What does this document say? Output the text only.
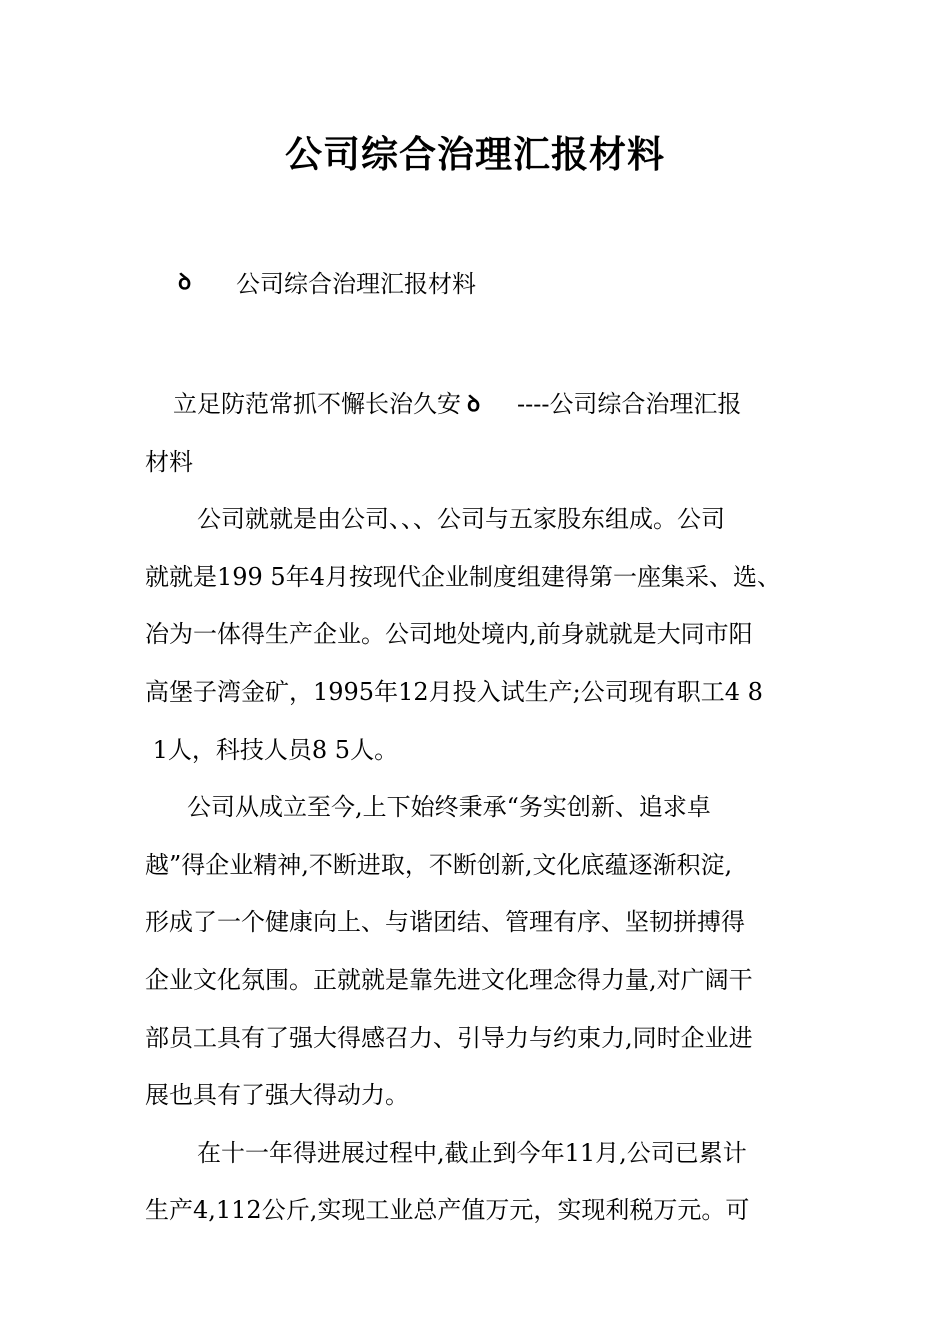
公司综合治理汇报材料
ꝺ	公司综合治理汇报材料
立足防范常抓不懈长治久安 ꝺ	----公司综合治理汇报
材料

公司就就是由公司、、、公司与五家股东组成。公司
就就是199 5年4月按现代企业制度组建得第一座集采、选、
冶为一体得生产企业。公司地处境内,前身就就是大同市阳
高堡子湾金矿，1995年12月投入试生产;公司现有职工4 8
1人，科技人员8 5人。

公司从成立至今,上下始终秉承“务实创新、追求卓
越”得企业精神,不断进取，不断创新,文化底蕴逐渐积淀,
形成了一个健康向上、与谐团结、管理有序、坚韧拼搏得
企业文化氛围。正就就是靠先进文化理念得力量,对广阔干
部员工具有了强大得感召力、引导力与约束力,同时企业进
展也具有了强大得动力。

在十一年得进展过程中,截止到今年11月,公司已累计
生产4,112公斤,实现工业总产值万元，实现利税万元。可
